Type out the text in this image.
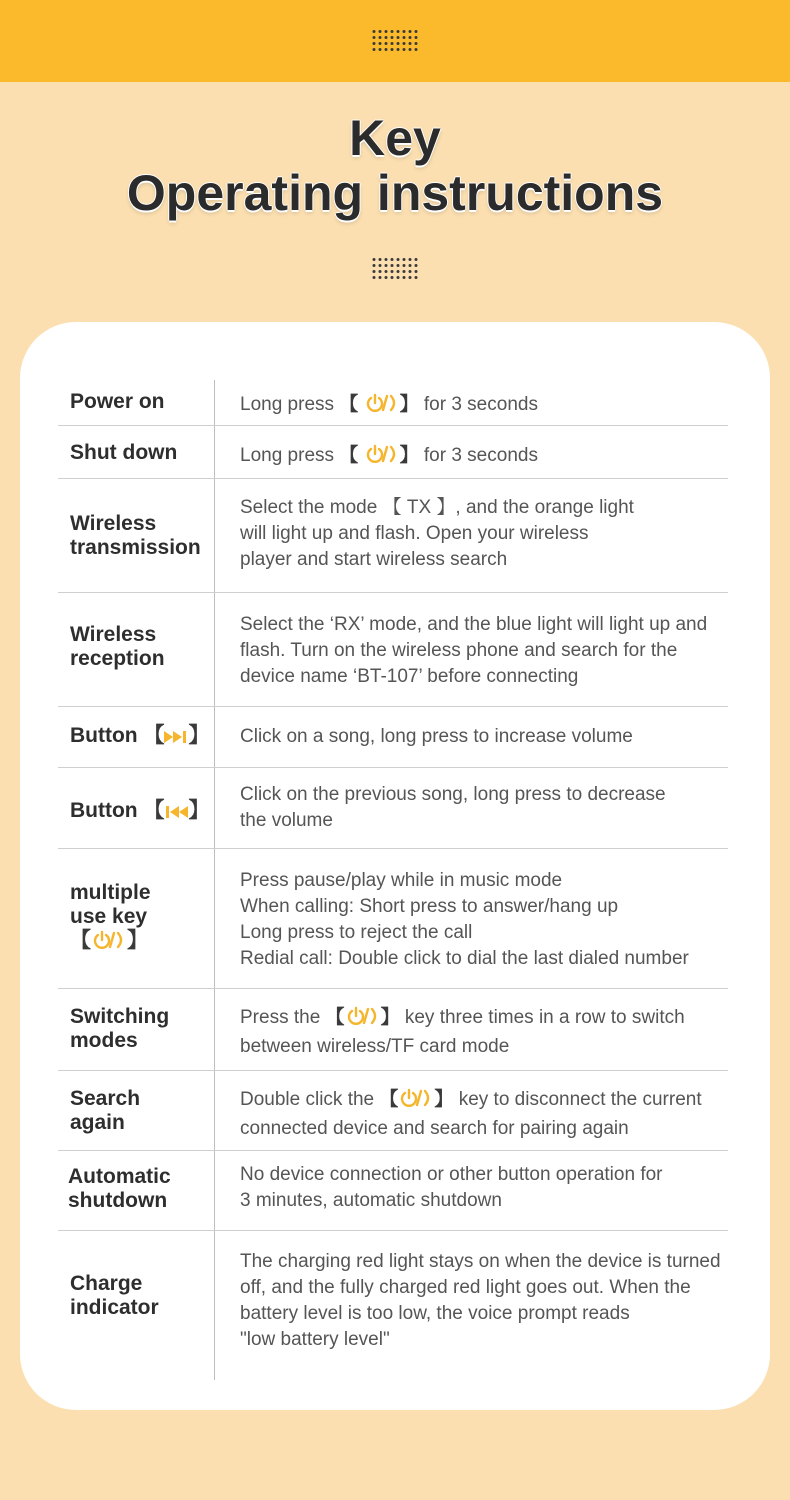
Key
Operating instructions
Power on	Long press 【 】 for 3 seconds
Shut down	Long press 【 】 for 3 seconds
Wireless
transmission
Select the mode 【 TX 】, and the orange light
will light up and flash. Open your wireless
player and start wireless search
Wireless
reception
Select the ‘RX’ mode, and the blue light will light up and
flash. Turn on the wireless phone and search for the
device name ‘BT-107’ before connecting
Button 【 】 Click on a song, long press to increase volume
Button 【 】
Click on the previous song, long press to decrease
the volume
multiple
use key
【 】
Press pause/play while in music mode
When calling: Short press to answer/hang up
Long press to reject the call
Redial call: Double click to dial the last dialed number
Switching
modes
Press the 【 】 key three times in a row to switch
between wireless/TF card mode
Search
again
Double click the 【 】 key to disconnect the current
connected device and search for pairing again
Automatic
shutdown
No device connection or other button operation for
3 minutes, automatic shutdown
Charge
indicator
The charging red light stays on when the device is turned
off, and the fully charged red light goes out. When the
battery level is too low, the voice prompt reads
"low battery level"
